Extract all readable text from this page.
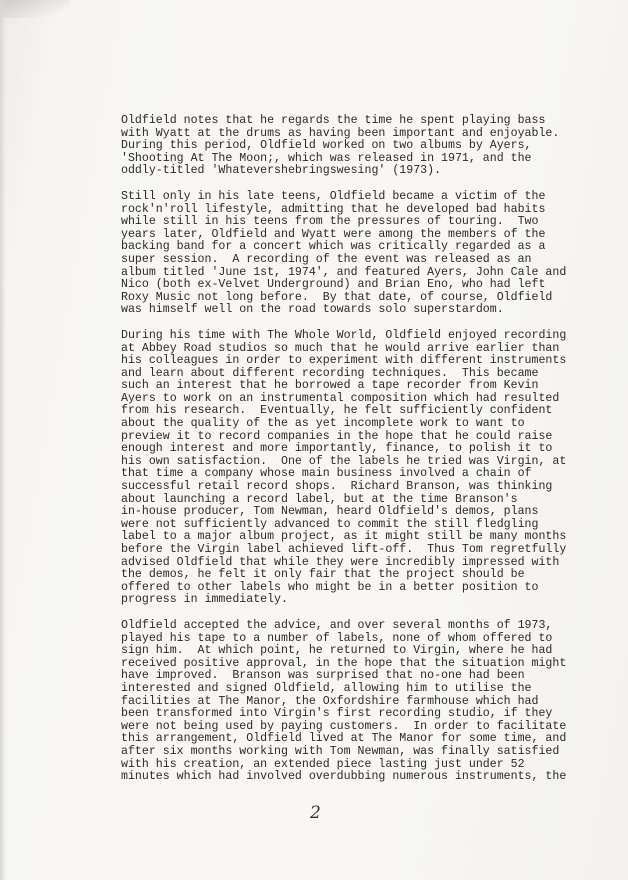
Oldfield notes that he regards the time he spent playing bass
with Wyatt at the drums as having been important and enjoyable.
During this period, Oldfield worked on two albums by Ayers,
'Shooting At The Moon;, which was released in 1971, and the
oddly-titled 'Whatevershebringswesing' (1973).
Still only in his late teens, Oldfield became a victim of the
rock'n'roll lifestyle, admitting that he developed bad habits
while still in his teens from the pressures of touring.  Two
years later, Oldfield and Wyatt were among the members of the
backing band for a concert which was critically regarded as a
super session.  A recording of the event was released as an
album titled 'June 1st, 1974', and featured Ayers, John Cale and
Nico (both ex-Velvet Underground) and Brian Eno, who had left
Roxy Music not long before.  By that date, of course, Oldfield
was himself well on the road towards solo superstardom.
During his time with The Whole World, Oldfield enjoyed recording
at Abbey Road studios so much that he would arrive earlier than
his colleagues in order to experiment with different instruments
and learn about different recording techniques.  This became
such an interest that he borrowed a tape recorder from Kevin
Ayers to work on an instrumental composition which had resulted
from his research.  Eventually, he felt sufficiently confident
about the quality of the as yet incomplete work to want to
preview it to record companies in the hope that he could raise
enough interest and more importantly, finance, to polish it to
his own satisfaction.  One of the labels he tried was Virgin, at
that time a company whose main business involved a chain of
successful retail record shops.  Richard Branson, was thinking
about launching a record label, but at the time Branson's
in-house producer, Tom Newman, heard Oldfield's demos, plans
were not sufficiently advanced to commit the still fledgling
label to a major album project, as it might still be many months
before the Virgin label achieved lift-off.  Thus Tom regretfully
advised Oldfield that while they were incredibly impressed with
the demos, he felt it only fair that the project should be
offered to other labels who might be in a better position to
progress in immediately.
Oldfield accepted the advice, and over several months of 1973,
played his tape to a number of labels, none of whom offered to
sign him.  At which point, he returned to Virgin, where he had
received positive approval, in the hope that the situation might
have improved.  Branson was surprised that no-one had been
interested and signed Oldfield, allowing him to utilise the
facilities at The Manor, the Oxfordshire farmhouse which had
been transformed into Virgin's first recording studio, if they
were not being used by paying customers.  In order to facilitate
this arrangement, Oldfield lived at The Manor for some time, and
after six months working with Tom Newman, was finally satisfied
with his creation, an extended piece lasting just under 52
minutes which had involved overdubbing numerous instruments, the
2
